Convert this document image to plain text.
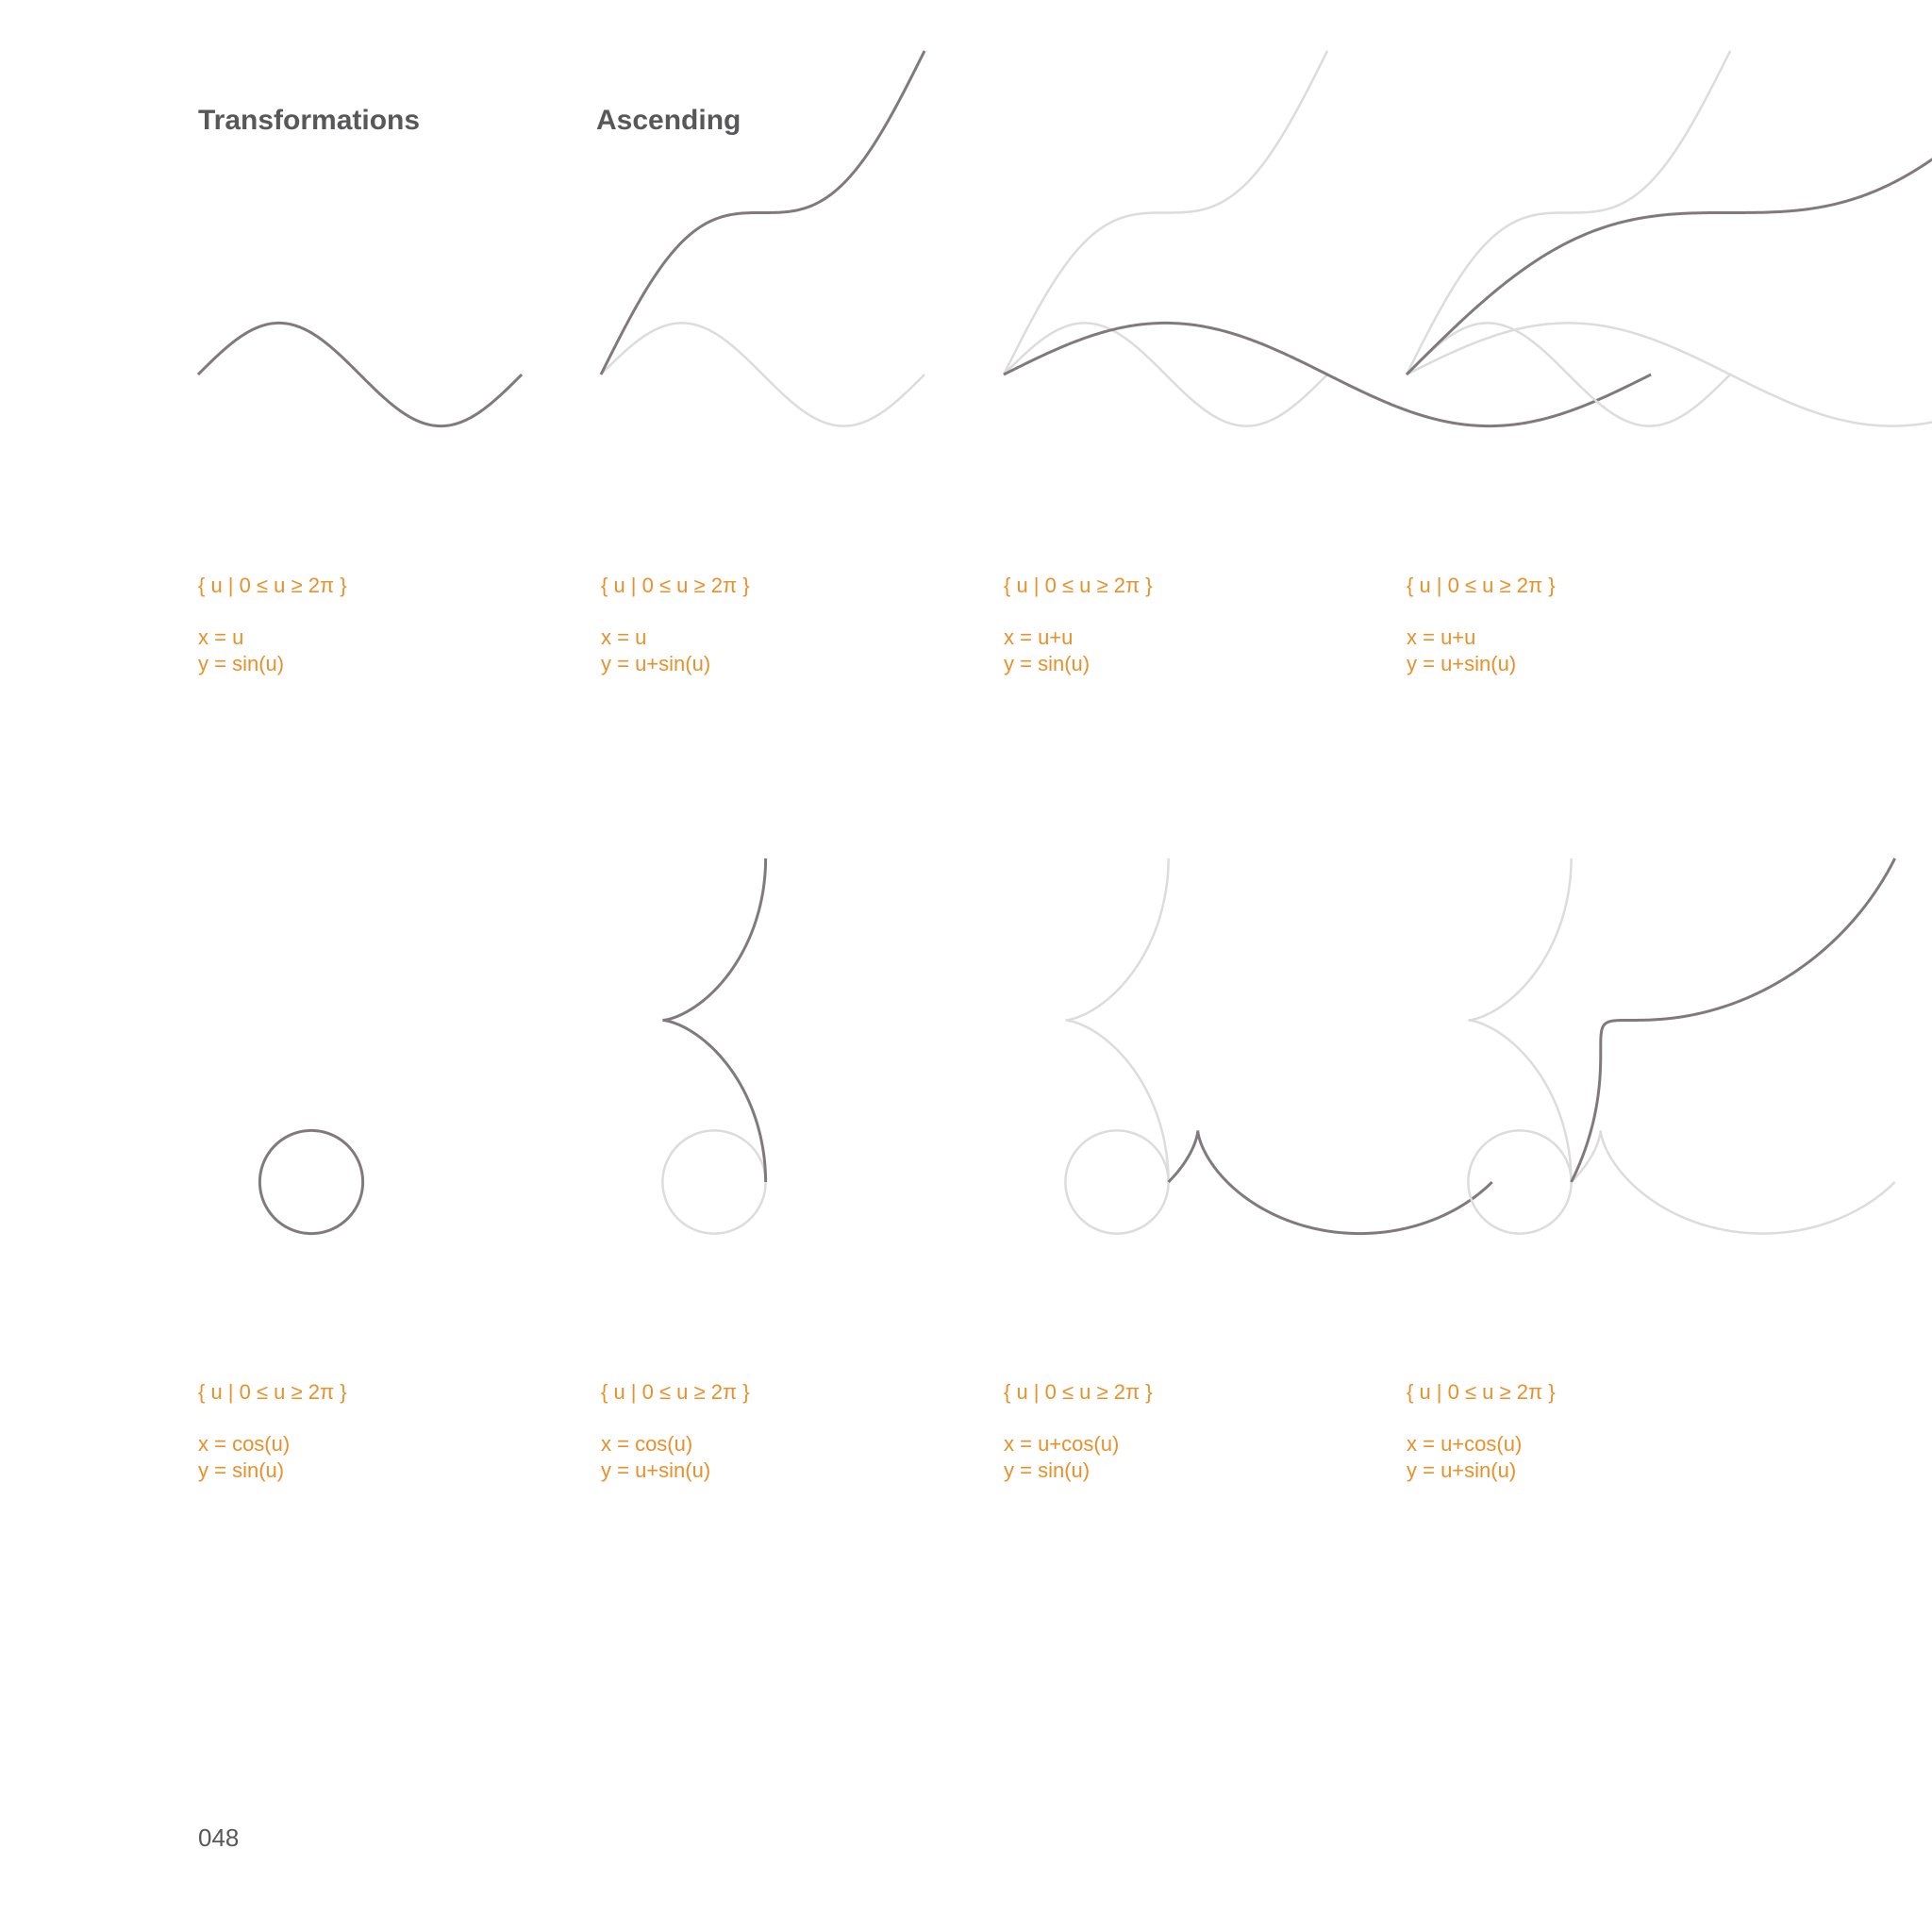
Transformations	Ascending
{ u | 0 ≤ u ≥ 2π }
x = u
y = sin(u)
{ u | 0 ≤ u ≥ 2π }
x = u
y = u+sin(u)
{ u | 0 ≤ u ≥ 2π }
x = u+u
y = sin(u)
{ u | 0 ≤ u ≥ 2π }
x = u+u
y = u+sin(u)
{ u | 0 ≤ u ≥ 2π }
x = cos(u)
y = sin(u)
{ u | 0 ≤ u ≥ 2π }
x = cos(u)
y = u+sin(u)
{ u | 0 ≤ u ≥ 2π }
x = u+cos(u)
y = sin(u)
{ u | 0 ≤ u ≥ 2π }
x = u+cos(u)
y = u+sin(u)

048
